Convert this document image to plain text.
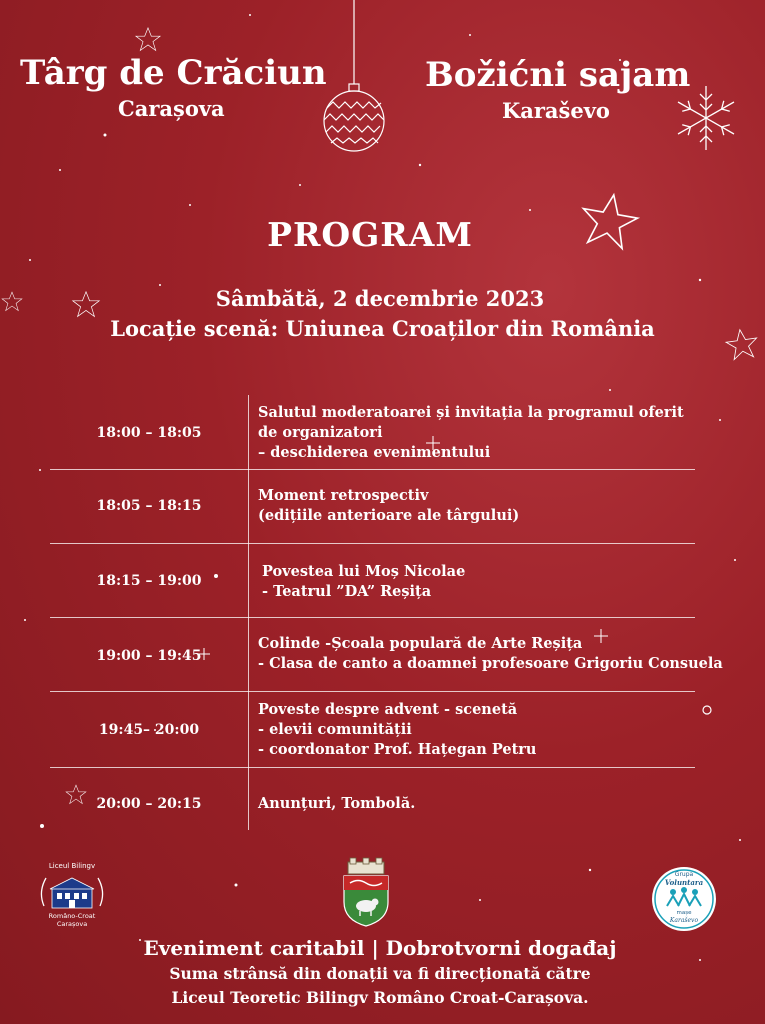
Târg de Crăciun
Carașova
Božićni sajam
Karaševo
PROGRAM
Sâmbătă, 2 decembrie 2023
Locație scenă: Uniunea Croaților din România
18:00 – 18:05
Salutul moderatoarei și invitația la programul oferit
de organizatori
– deschiderea evenimentului
18:05 – 18:15
Moment retrospectiv
(edițiile anterioare ale târgului)
18:15 – 19:00
Povestea lui Moș Nicolae
- Teatrul ”DA” Reșița
19:00 – 19:45
Colinde -Școala populară de Arte Reșița
- Clasa de canto a doamnei profesoare Grigoriu Consuela
19:45– 20:00
Poveste despre advent - scenetă
- elevii comunității
- coordonator Prof. Hațegan Petru
20:00 – 20:15	Anunțuri, Tombolă.
Liceul Bilingv
Româno-Croat
Carașova
Grupa
Voluntara
mașe
Karaševo
Eveniment caritabil | Dobrotvorni događaj
Suma strânsă din donații va fi direcționată către
Liceul Teoretic Bilingv Româno Croat-Carașova.
